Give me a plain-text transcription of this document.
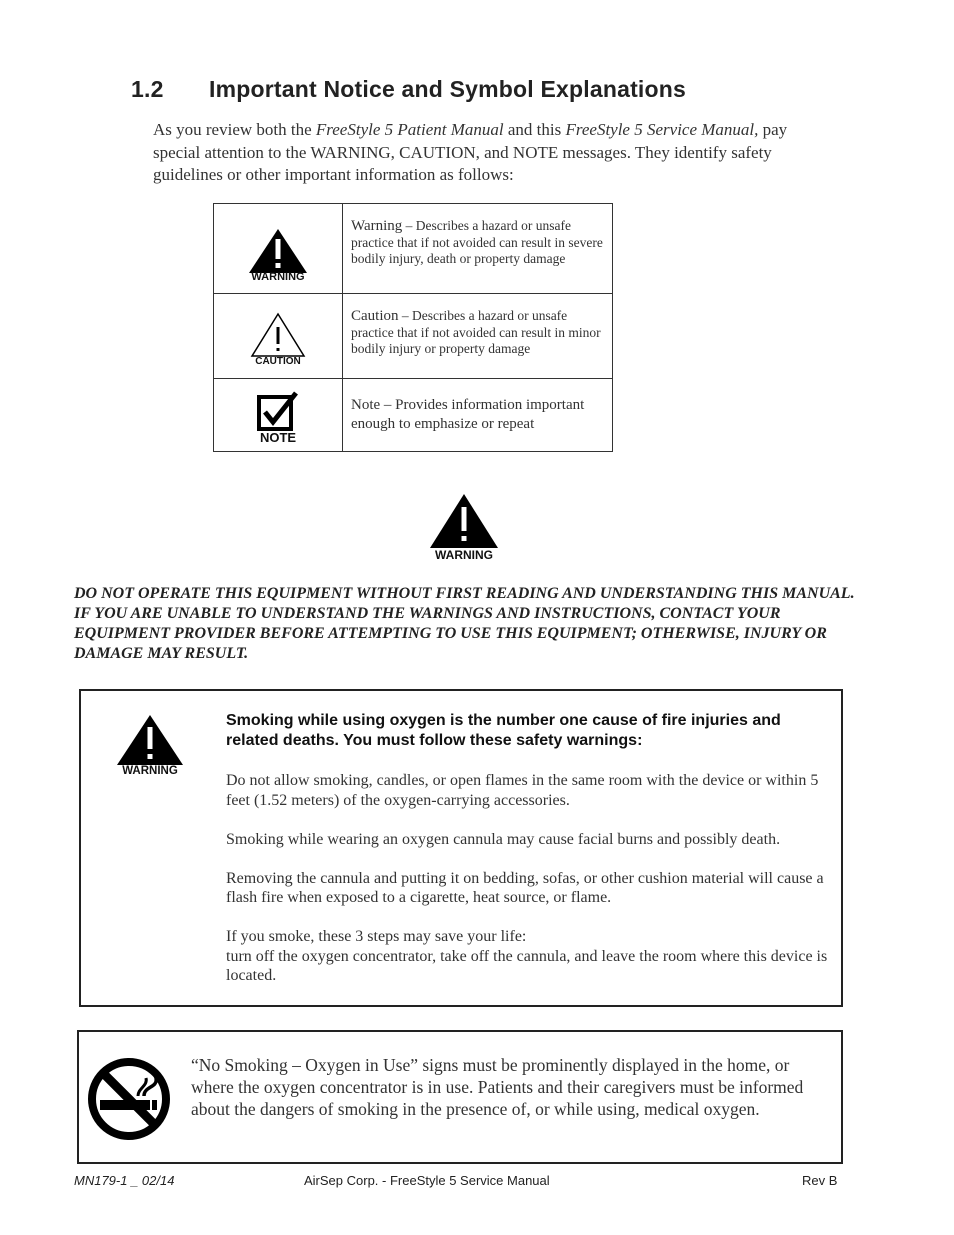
1.2 Important Notice and Symbol Explanations
As you review both the FreeStyle 5 Patient Manual and this FreeStyle 5 Service Manual, pay special attention to the WARNING, CAUTION, and NOTE messages. They identify safety guidelines or other important information as follows:
WARNING	Warning – Describes a hazard or unsafe practice that if not avoided can result in severe bodily injury, death or property damage

CAUTION	Caution – Describes a hazard or unsafe practice that if not avoided can result in minor bodily injury or property damage

NOTE	Note – Provides information important enough to emphasize or repeat
WARNING
DO NOT OPERATE THIS EQUIPMENT WITHOUT FIRST READING AND UNDERSTANDING THIS MANUAL. IF YOU ARE UNABLE TO UNDERSTAND THE WARNINGS AND INSTRUCTIONS, CONTACT YOUR EQUIPMENT PROVIDER BEFORE ATTEMPTING TO USE THIS EQUIPMENT; OTHERWISE, INJURY OR DAMAGE MAY RESULT.
WARNING

Smoking while using oxygen is the number one cause of fire injuries and related deaths. You must follow these safety warnings:

Do not allow smoking, candles, or open flames in the same room with the device or within 5 feet (1.52 meters) of the oxygen-carrying accessories.

Smoking while wearing an oxygen cannula may cause facial burns and possibly death.

Removing the cannula and putting it on bedding, sofas, or other cushion material will cause a flash fire when exposed to a cigarette, heat source, or flame.

If you smoke, these 3 steps may save your life:
turn off the oxygen concentrator, take off the cannula, and leave the room where this device is located.

“No Smoking – Oxygen in Use” signs must be prominently displayed in the home, or where the oxygen concentrator is in use. Patients and their caregivers must be informed about the dangers of smoking in the presence of, or while using, medical oxygen.
MN179-1 _ 02/14	AirSep Corp. - FreeStyle 5 Service Manual	Rev B
